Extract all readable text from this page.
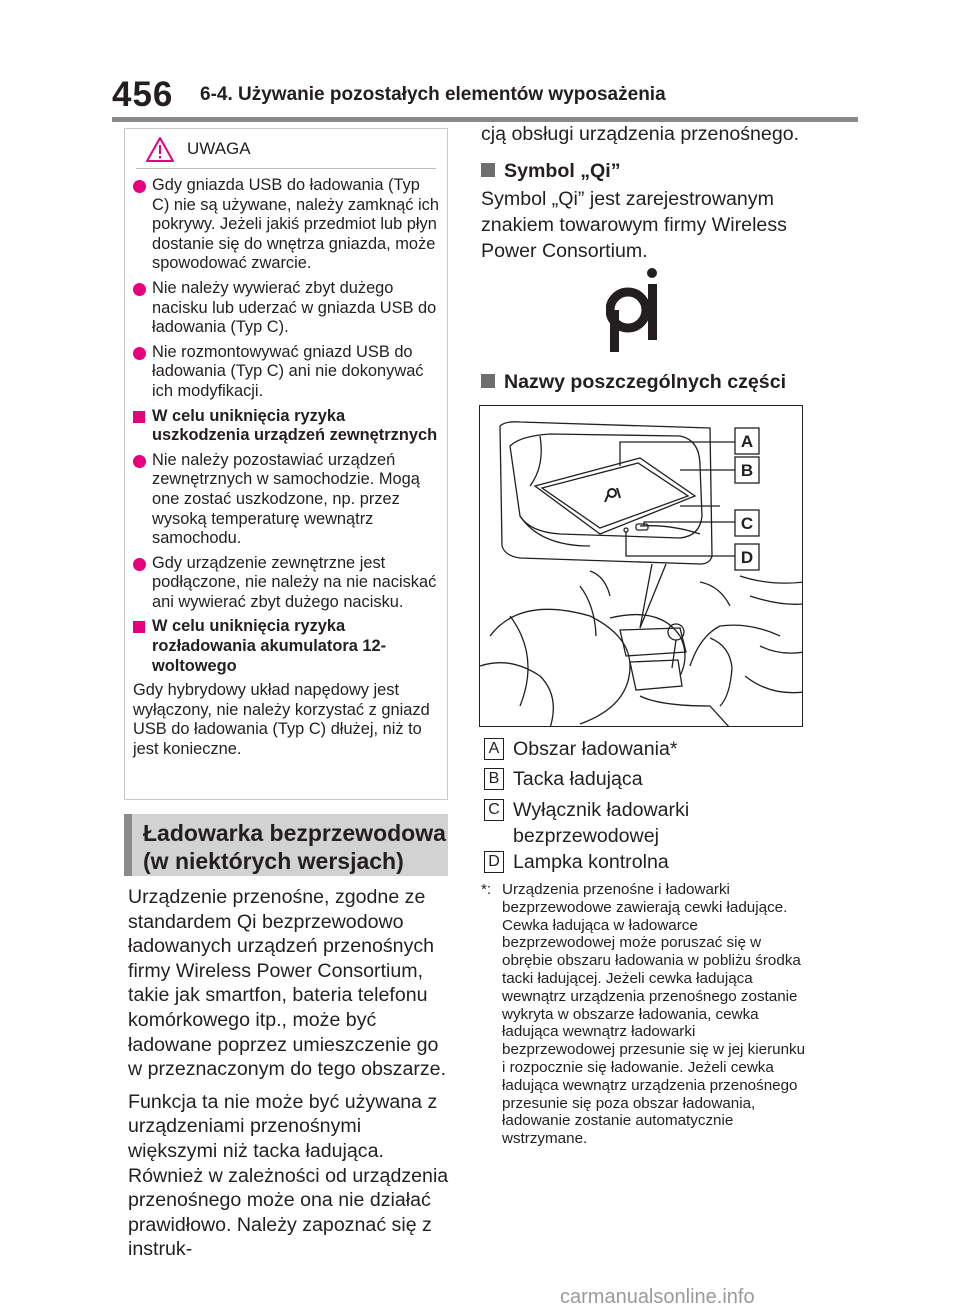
456 6-4. Używanie pozostałych elementów wyposażenia
UWAGA
Gdy gniazda USB do ładowania (Typ C) nie są używane, należy zamknąć ich pokrywy. Jeżeli jakiś przedmiot lub płyn dostanie się do wnętrza gniazda, może spowodować zwarcie.
Nie należy wywierać zbyt dużego nacisku lub uderzać w gniazda USB do ładowania (Typ C).
Nie rozmontowywać gniazd USB do ładowania (Typ C) ani nie dokonywać ich modyfikacji.
W celu uniknięcia ryzyka uszkodzenia urządzeń zewnętrznych
Nie należy pozostawiać urządzeń zewnętrznych w samochodzie. Mogą one zostać uszkodzone, np. przez wysoką temperaturę wewnątrz samochodu.
Gdy urządzenie zewnętrzne jest podłączone, nie należy na nie naciskać ani wywierać zbyt dużego nacisku.
W celu uniknięcia ryzyka rozładowania akumulatora 12-woltowego
Gdy hybrydowy układ napędowy jest wyłączony, nie należy korzystać z gniazd USB do ładowania (Typ C) dłużej, niż to jest konieczne.
Ładowarka bezprzewodowa
(w niektórych wersjach)

Urządzenie przenośne, zgodne ze standardem Qi bezprzewodowo ładowanych urządzeń przenośnych firmy Wireless Power Consortium, takie jak smartfon, bateria telefonu komórkowego itp., może być ładowane poprzez umieszczenie go w przeznaczonym do tego obszarze.

Funkcja ta nie może być używana z urządzeniami przenośnymi większymi niż tacka ładująca. Również w zależności od urządzenia przenośnego może ona nie działać prawidłowo. Należy zapoznać się z instruk-

cją obsługi urządzenia przenośnego.
Symbol „Qi”
Symbol „Qi” jest zarejestrowanym znakiem towarowym firmy Wireless Power Consortium.
Nazwy poszczególnych części
A
B
C
D
A Obszar ładowania*
B Tacka ładująca
C Wyłącznik ładowarki bezprzewodowej
D Lampka kontrolna
*: Urządzenia przenośne i ładowarki bezprzewodowe zawierają cewki ładujące. Cewka ładująca w ładowarce bezprzewodowej może poruszać się w obrębie obszaru ładowania w pobliżu środka tacki ładującej. Jeżeli cewka ładująca wewnątrz urządzenia przenośnego zostanie wykryta w obszarze ładowania, cewka ładująca wewnątrz ładowarki bezprzewodowej przesunie się w jej kierunku i rozpocznie się ładowanie. Jeżeli cewka ładująca wewnątrz urządzenia przenośnego przesunie się poza obszar ładowania, ładowanie zostanie automatycznie wstrzymane.
carmanualsonline.info
